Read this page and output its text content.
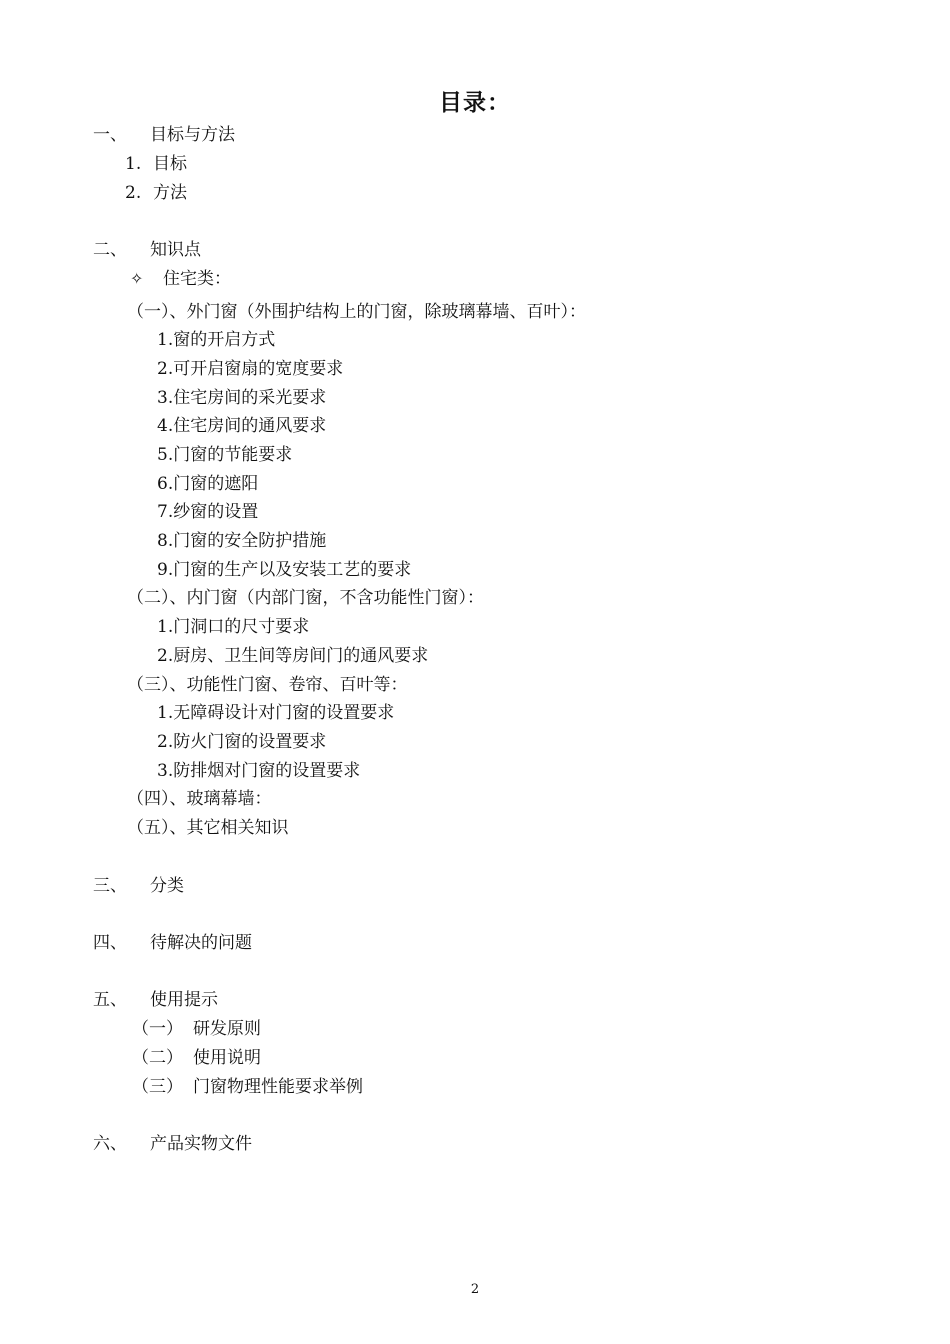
目录：
一、 目标与方法
1. 目标
2. 方法
二、 知识点
✧ 住宅类：
（一）、外门窗（外围护结构上的门窗，除玻璃幕墙、百叶）：
1.窗的开启方式
2.可开启窗扇的宽度要求
3.住宅房间的采光要求
4.住宅房间的通风要求
5.门窗的节能要求
6.门窗的遮阳
7.纱窗的设置
8.门窗的安全防护措施
9.门窗的生产以及安装工艺的要求
（二）、内门窗（内部门窗，不含功能性门窗）：
1.门洞口的尺寸要求
2.厨房、卫生间等房间门的通风要求
（三）、功能性门窗、卷帘、百叶等：
1.无障碍设计对门窗的设置要求
2.防火门窗的设置要求
3.防排烟对门窗的设置要求
（四）、玻璃幕墙：
（五）、其它相关知识
三、 分类
四、 待解决的问题
五、 使用提示
（一） 研发原则
（二） 使用说明
（三） 门窗物理性能要求举例
六、 产品实物文件
2
